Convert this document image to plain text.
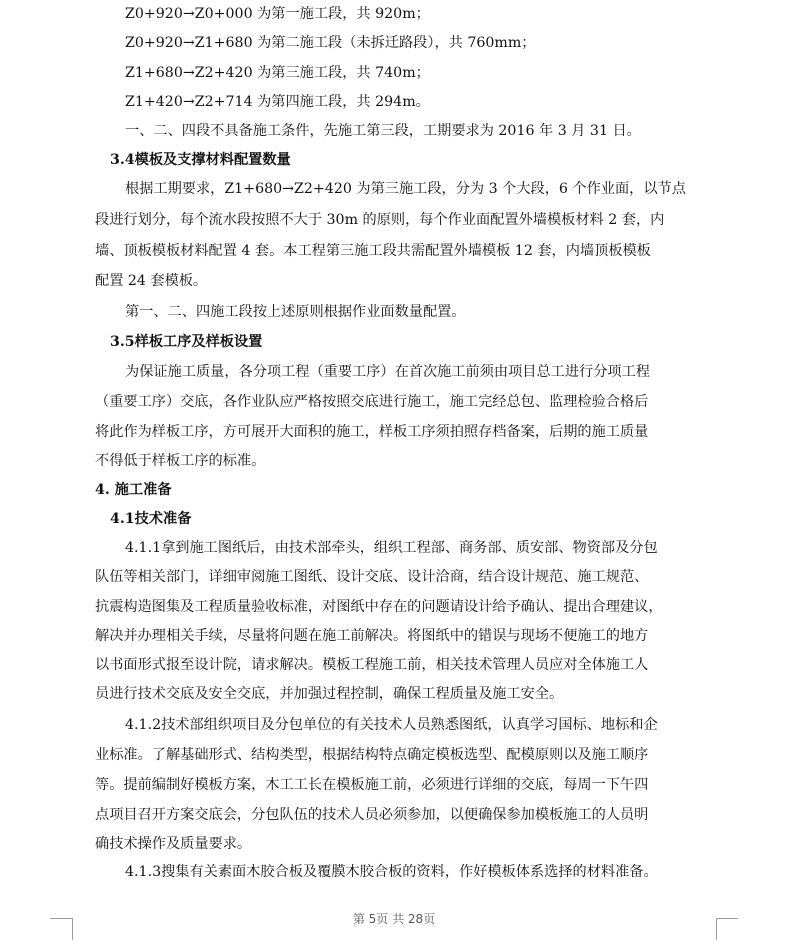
Z0+920→Z0+000 为第一施工段，共 920m；
Z0+920→Z1+680 为第二施工段（未拆迁路段），共 760mm；
Z1+680→Z2+420 为第三施工段，共 740m；
Z1+420→Z2+714 为第四施工段，共 294m。
一、二、四段不具备施工条件，先施工第三段，工期要求为 2016 年 3 月 31 日。
3.4模板及支撑材料配置数量
根据工期要求，Z1+680→Z2+420 为第三施工段，分为 3 个大段，6 个作业面，以节点
段进行划分，每个流水段按照不大于 30m 的原则，每个作业面配置外墙模板材料 2 套，内
墙、顶板模板材料配置 4 套。本工程第三施工段共需配置外墙模板 12 套，内墙顶板模板
配置 24 套模板。
第一、二、四施工段按上述原则根据作业面数量配置。
3.5样板工序及样板设置
为保证施工质量，各分项工程（重要工序）在首次施工前须由项目总工进行分项工程
（重要工序）交底，各作业队应严格按照交底进行施工，施工完经总包、监理检验合格后
将此作为样板工序，方可展开大面积的施工，样板工序须拍照存档备案，后期的施工质量
不得低于样板工序的标准。
4. 施工准备
4.1技术准备
4.1.1拿到施工图纸后，由技术部牵头，组织工程部、商务部、质安部、物资部及分包
队伍等相关部门，详细审阅施工图纸、设计交底、设计洽商，结合设计规范、施工规范、
抗震构造图集及工程质量验收标准，对图纸中存在的问题请设计给予确认、提出合理建议，
解决并办理相关手续，尽量将问题在施工前解决。将图纸中的错误与现场不便施工的地方
以书面形式报至设计院，请求解决。模板工程施工前，相关技术管理人员应对全体施工人
员进行技术交底及安全交底，并加强过程控制，确保工程质量及施工安全。
4.1.2技术部组织项目及分包单位的有关技术人员熟悉图纸，认真学习国标、地标和企
业标准。了解基础形式、结构类型，根据结构特点确定模板选型、配模原则以及施工顺序
等。提前编制好模板方案，木工工长在模板施工前，必须进行详细的交底，每周一下午四
点项目召开方案交底会，分包队伍的技术人员必须参加，以便确保参加模板施工的人员明
确技术操作及质量要求。
4.1.3搜集有关素面木胶合板及覆膜木胶合板的资料，作好模板体系选择的材料准备。
第 5页 共 28页
